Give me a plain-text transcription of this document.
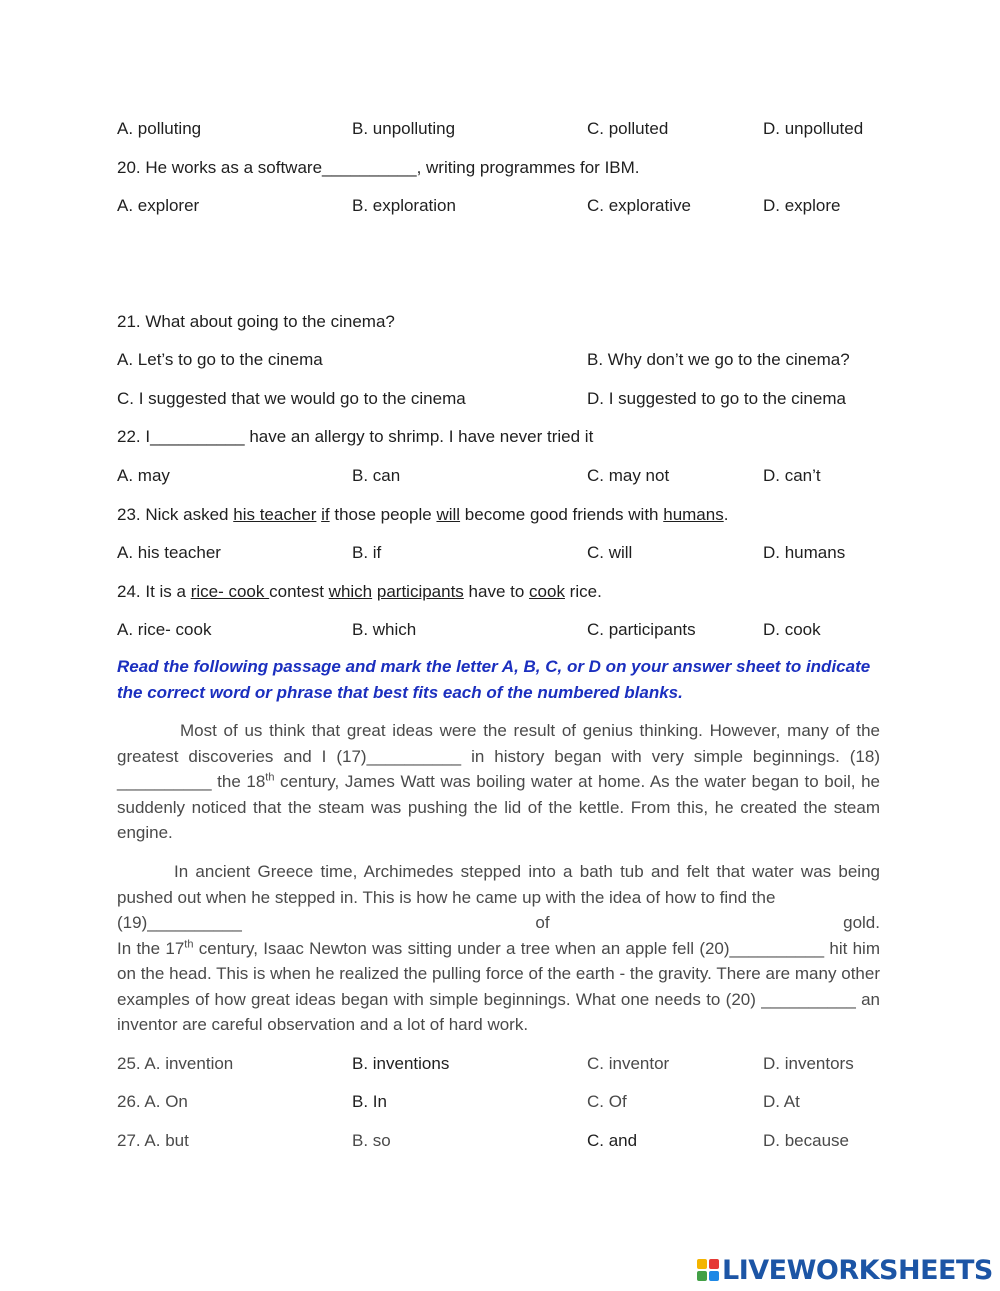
A. polluting	B. unpolluting	C. polluted	D. unpolluted
20. He works as a software__________, writing programmes for IBM.
A. explorer	B. exploration	C. explorative	D. explore
21. What about going to the cinema?
A. Let’s to go to the cinema	B. Why don’t we go to the cinema?
C. I suggested that we would go to the cinema	D. I suggested to go to the cinema
22. I__________ have an allergy to shrimp. I have never tried it
A. may	B. can	C. may not	D. can’t
23. Nick asked his teacher if those people will become good friends with humans.
A. his teacher	B. if	C. will	D. humans
24. It is a rice- cook contest which participants have to cook rice.
A. rice- cook	B. which	C. participants	D. cook
Read the following passage and mark the letter A, B, C, or D on your answer sheet to indicate the correct word or phrase that best fits each of the numbered blanks.

Most of us think that great ideas were the result of genius thinking. However, many of the greatest discoveries and I (17)__________ in history began with very simple beginnings. (18) __________ the 18th century, James Watt was boiling water at home. As the water began to boil, he suddenly noticed that the steam was pushing the lid of the kettle. From this, he created the steam engine.

In ancient Greece time, Archimedes stepped into a bath tub and felt that water was being pushed out when he stepped in. This is how he came up with the idea of how to find the

(19)__________	of	gold.

In the 17th century, Isaac Newton was sitting under a tree when an apple fell (20)__________ hit him on the head. This is when he realized the pulling force of the earth - the gravity. There are many other examples of how great ideas began with simple beginnings. What one needs to (20) __________ an inventor are careful observation and a lot of hard work.

25. A. invention	B. inventions	C. inventor	D. inventors
26. A. On	B. In	C. Of	D. At
27. A. but	B. so	C. and	D. because
LIVEWORKSHEETS
